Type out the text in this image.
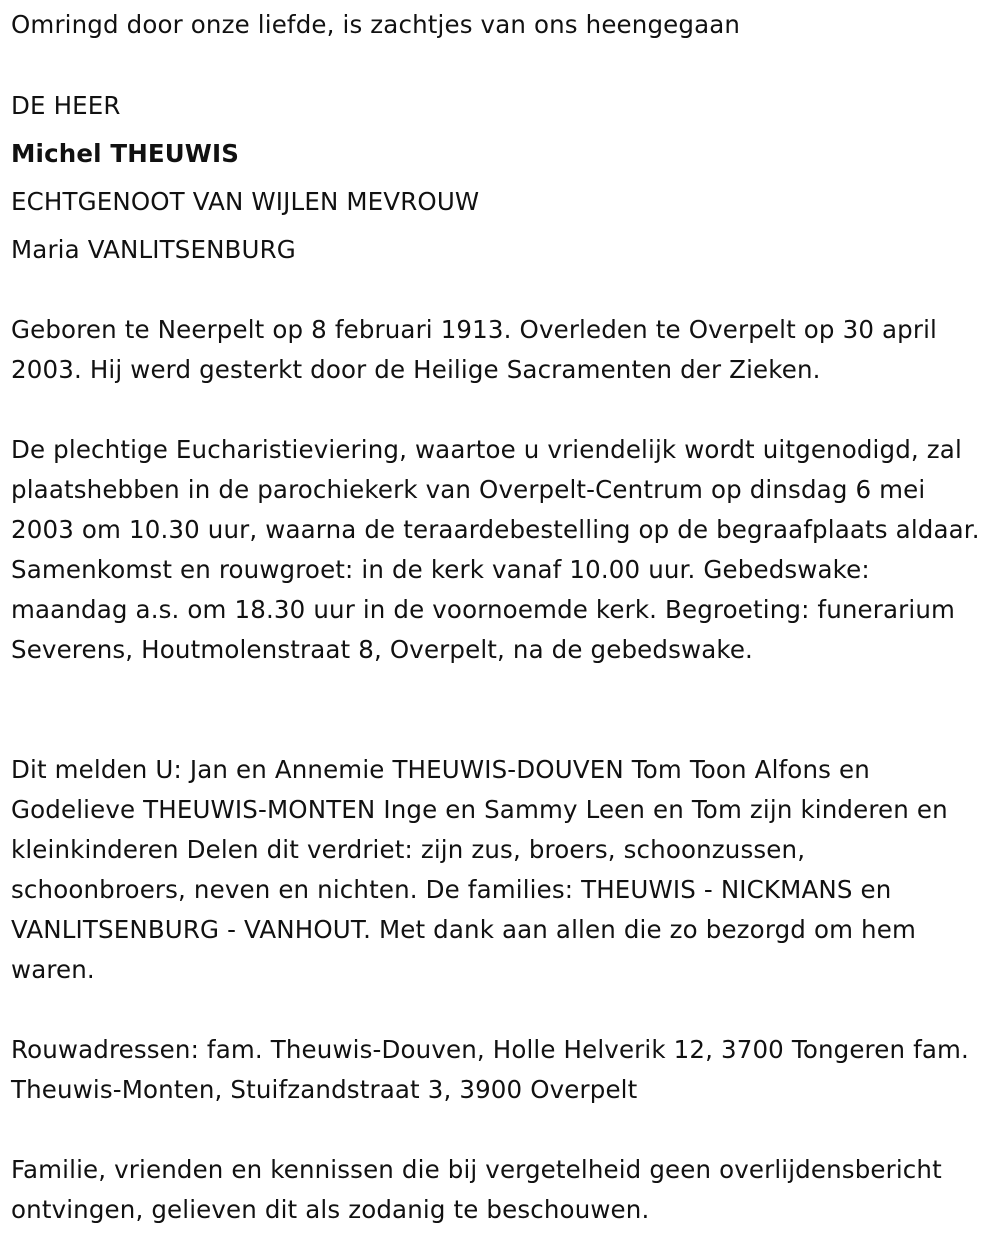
Omringd door onze liefde, is zachtjes van ons heengegaan
DE HEER
Michel THEUWIS
ECHTGENOOT VAN WIJLEN MEVROUW
Maria VANLITSENBURG

Geboren te Neerpelt op 8 februari 1913. Overleden te Overpelt op 30 april 2003. Hij werd gesterkt door de Heilige Sacramenten der Zieken.

De plechtige Eucharistieviering, waartoe u vriendelijk wordt uitgenodigd, zal plaatshebben in de parochiekerk van Overpelt-Centrum op dinsdag 6 mei 2003 om 10.30 uur, waarna de teraardebestelling op de begraafplaats aldaar. Samenkomst en rouwgroet: in de kerk vanaf 10.00 uur. Gebedswake: maandag a.s. om 18.30 uur in de voornoemde kerk. Begroeting: funerarium Severens, Houtmolenstraat 8, Overpelt, na de gebedswake.

Dit melden U: Jan en Annemie THEUWIS-DOUVEN Tom Toon Alfons en Godelieve THEUWIS-MONTEN Inge en Sammy Leen en Tom zijn kinderen en kleinkinderen Delen dit verdriet: zijn zus, broers, schoonzussen, schoonbroers, neven en nichten. De families: THEUWIS - NICKMANS en VANLITSENBURG - VANHOUT. Met dank aan allen die zo bezorgd om hem waren.

Rouwadressen: fam. Theuwis-Douven, Holle Helverik 12, 3700 Tongeren fam. Theuwis-Monten, Stuifzandstraat 3, 3900 Overpelt

Familie, vrienden en kennissen die bij vergetelheid geen overlijdensbericht ontvingen, gelieven dit als zodanig te beschouwen.
